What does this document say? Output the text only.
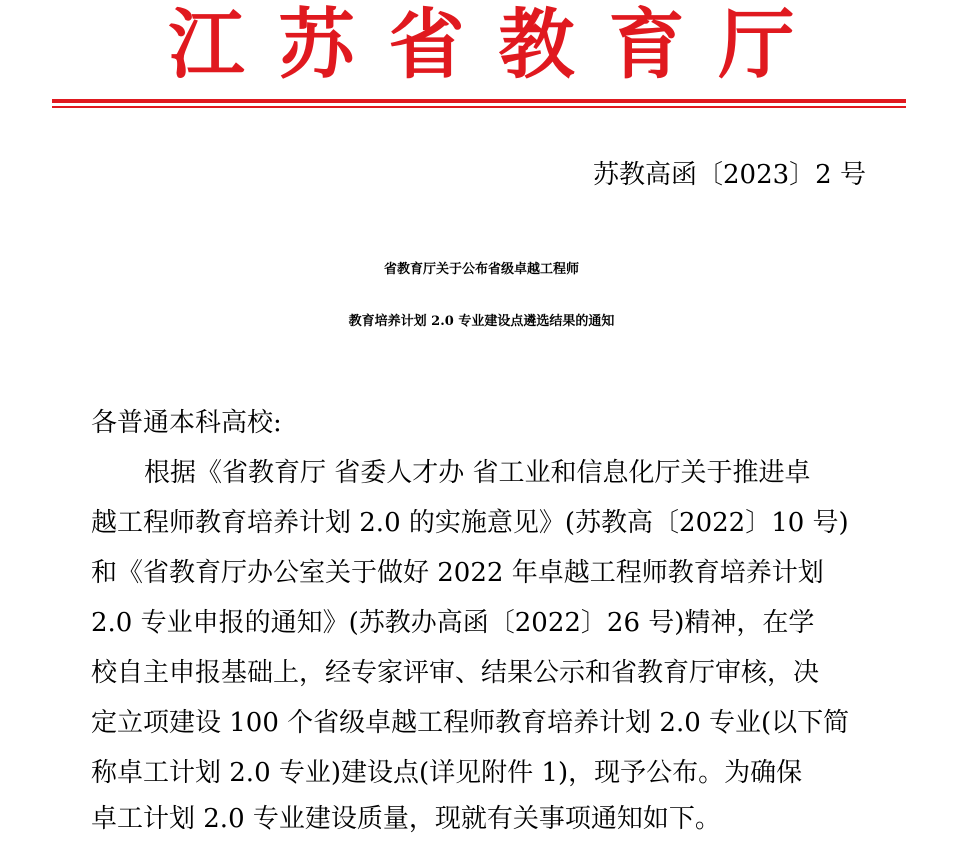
江苏省教育厅
苏教高函〔2023〕2 号
省教育厅关于公布省级卓越工程师
教育培养计划 2.0 专业建设点遴选结果的通知
各普通本科高校:
根据《省教育厅 省委人才办 省工业和信息化厅关于推进卓
越工程师教育培养计划 2.0 的实施意见》(苏教高〔2022〕10 号)
和《省教育厅办公室关于做好 2022 年卓越工程师教育培养计划
2.0 专业申报的通知》(苏教办高函〔2022〕26 号)精神，在学
校自主申报基础上，经专家评审、结果公示和省教育厅审核，决
定立项建设 100 个省级卓越工程师教育培养计划 2.0 专业(以下简
称卓工计划 2.0 专业)建设点(详见附件 1)，现予公布。为确保
卓工计划 2.0 专业建设质量，现就有关事项通知如下。
